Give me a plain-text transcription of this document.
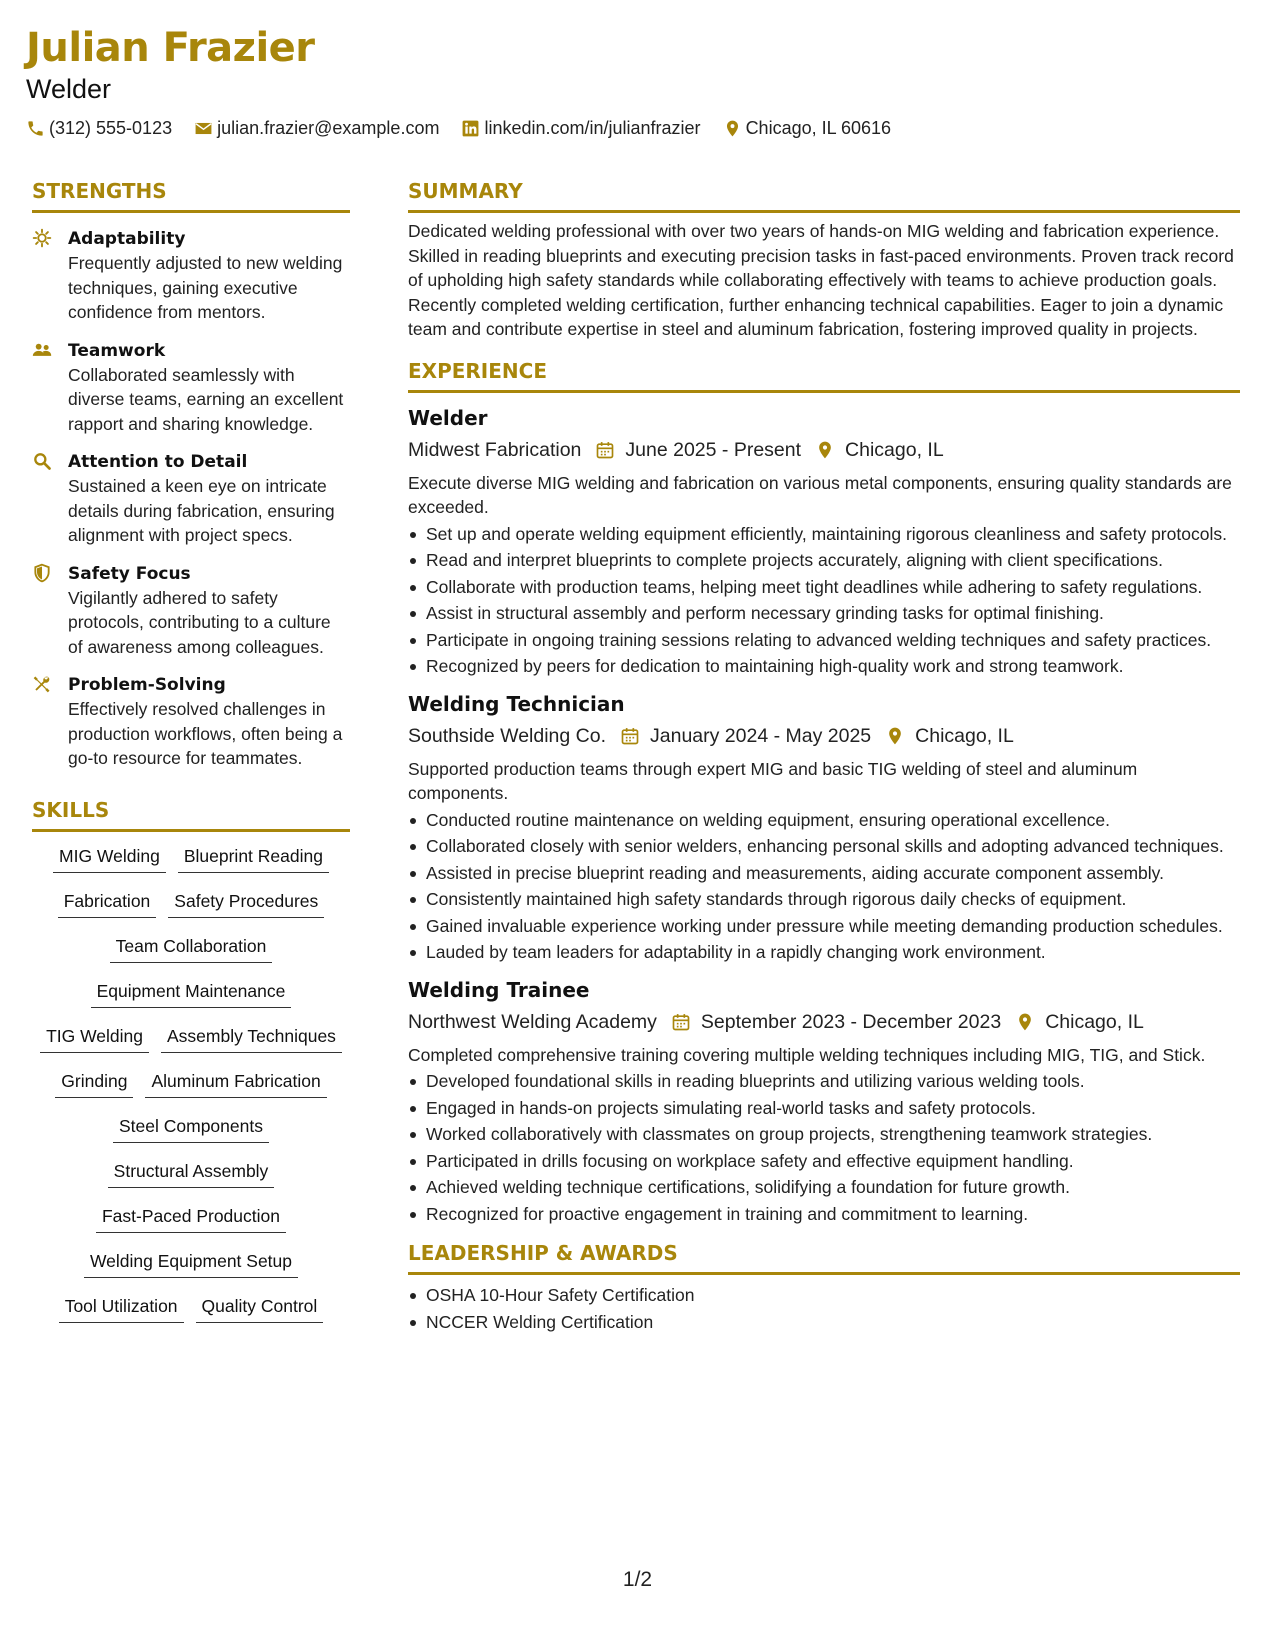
Julian Frazier
Welder
(312) 555-0123	julian.frazier@example.com	linkedin.com/in/julianfrazier	Chicago, IL 60616
STRENGTHS
Adaptability
Frequently adjusted to new welding techniques, gaining executive confidence from mentors.
Teamwork
Collaborated seamlessly with diverse teams, earning an excellent rapport and sharing knowledge.
Attention to Detail
Sustained a keen eye on intricate details during fabrication, ensuring alignment with project specs.
Safety Focus
Vigilantly adhered to safety protocols, contributing to a culture of awareness among colleagues.
Problem-Solving
Effectively resolved challenges in production workflows, often being a go-to resource for teammates.
SKILLS
MIG Welding	Blueprint Reading
Fabrication	Safety Procedures
Team Collaboration
Equipment Maintenance
TIG Welding	Assembly Techniques
Grinding	Aluminum Fabrication
Steel Components
Structural Assembly
Fast-Paced Production
Welding Equipment Setup
Tool Utilization	Quality Control
SUMMARY
Dedicated welding professional with over two years of hands-on MIG welding and fabrication experience. Skilled in reading blueprints and executing precision tasks in fast-paced environments. Proven track record of upholding high safety standards while collaborating effectively with teams to achieve production goals. Recently completed welding certification, further enhancing technical capabilities. Eager to join a dynamic team and contribute expertise in steel and aluminum fabrication, fostering improved quality in projects.
EXPERIENCE
Welder
Midwest Fabrication June 2025 - Present Chicago, IL
Execute diverse MIG welding and fabrication on various metal components, ensuring quality standards are exceeded.
Set up and operate welding equipment efficiently, maintaining rigorous cleanliness and safety protocols.
Read and interpret blueprints to complete projects accurately, aligning with client specifications.
Collaborate with production teams, helping meet tight deadlines while adhering to safety regulations.
Assist in structural assembly and perform necessary grinding tasks for optimal finishing.
Participate in ongoing training sessions relating to advanced welding techniques and safety practices.
Recognized by peers for dedication to maintaining high-quality work and strong teamwork.
Welding Technician
Southside Welding Co. January 2024 - May 2025 Chicago, IL
Supported production teams through expert MIG and basic TIG welding of steel and aluminum components.
Conducted routine maintenance on welding equipment, ensuring operational excellence.
Collaborated closely with senior welders, enhancing personal skills and adopting advanced techniques.
Assisted in precise blueprint reading and measurements, aiding accurate component assembly.
Consistently maintained high safety standards through rigorous daily checks of equipment.
Gained invaluable experience working under pressure while meeting demanding production schedules.
Lauded by team leaders for adaptability in a rapidly changing work environment.
Welding Trainee
Northwest Welding Academy September 2023 - December 2023 Chicago, IL
Completed comprehensive training covering multiple welding techniques including MIG, TIG, and Stick.
Developed foundational skills in reading blueprints and utilizing various welding tools.
Engaged in hands-on projects simulating real-world tasks and safety protocols.
Worked collaboratively with classmates on group projects, strengthening teamwork strategies.
Participated in drills focusing on workplace safety and effective equipment handling.
Achieved welding technique certifications, solidifying a foundation for future growth.
Recognized for proactive engagement in training and commitment to learning.
LEADERSHIP & AWARDS
OSHA 10-Hour Safety Certification
NCCER Welding Certification
1/2
